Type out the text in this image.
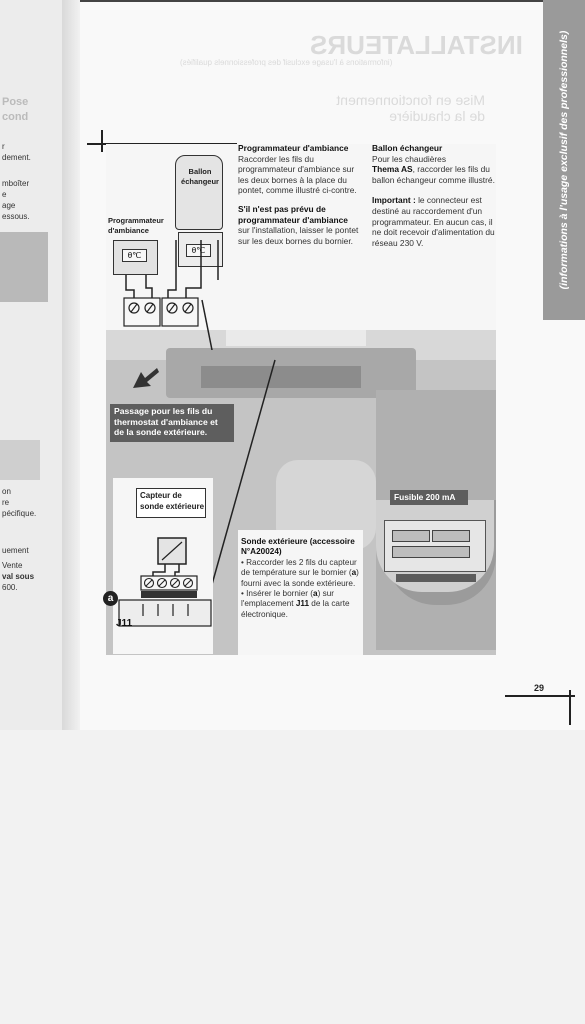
Pose
cond
r
dement.
mboîter
e
age
essous.
on
re
pécifique.
uement
Vente
val sous
600.
INSTALLATEURS
(informations à l'usage exclusif des professionnels qualifiés)
Mise en fonctionnement de la chaudière	(informations à l'usage exclusif des professionnels)
Ballon échangeur
Programmateur d'ambiance
θ℃
θ℃
Passage pour les fils du thermostat d'ambiance et de la sonde extérieure.
Capteur de sonde extérieure
a
J11
Fusible 200 mA
Programmateur d'ambiance
Raccorder les fils du programmateur d'ambiance sur les deux bornes à la place du pontet, comme illustré ci-contre.
S'il n'est pas prévu de programmateur d'ambiance
sur l'installation, laisser le pontet sur les deux bornes du bornier.
Ballon échangeur
Pour les chaudières
Thema AS, raccorder les fils du ballon échangeur comme illustré.
Important : le connecteur est destiné au raccordement d'un programmateur. En aucun cas, il ne doit recevoir d'alimentation du réseau 230 V.
Sonde extérieure (accessoire N°A20024)
• Raccorder les 2 fils du capteur de température sur le bornier (a) fourni avec la sonde extérieure.
• Insérer le bornier (a) sur l'emplacement J11 de la carte électronique.
29
